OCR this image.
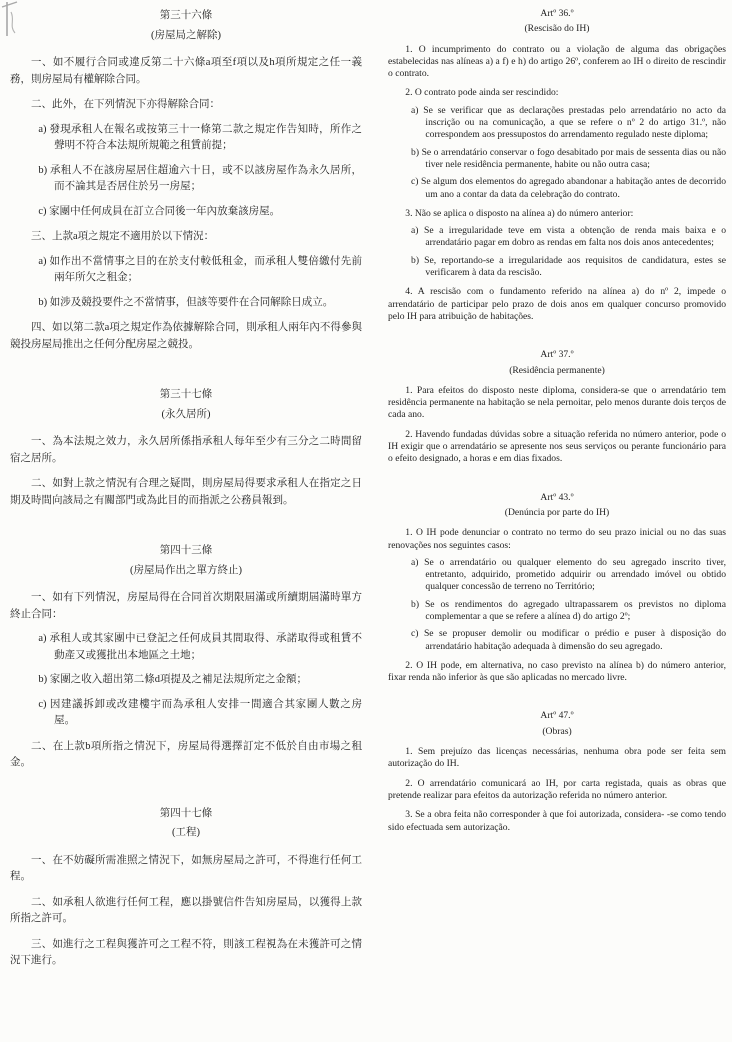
第三十六條
(房屋局之解除)

一、如不履行合同或違反第二十六條a項至f項以及h項所規定之任一義務，則房屋局有權解除合同。

二、此外，在下列情況下亦得解除合同：

a) 發現承租人在報名或按第三十一條第二款之規定作告知時，所作之聲明不符合本法規所規範之租賃前提；

b) 承租人不在該房屋居住超逾六十日，或不以該房屋作為永久居所，而不論其是否居住於另一房屋；

c) 家團中任何成員在訂立合同後一年內放棄該房屋。

三、上款a項之規定不適用於以下情況：

a) 如作出不當情事之目的在於支付較低租金，而承租人雙倍繳付先前兩年所欠之租金；

b) 如涉及競投要件之不當情事，但該等要件在合同解除日成立。

四、如以第二款a項之規定作為依據解除合同，則承租人兩年內不得參與競投房屋局推出之任何分配房屋之競投。

第三十七條
(永久居所)

一、為本法規之效力，永久居所係指承租人每年至少有三分之二時間留宿之居所。

二、如對上款之情況有合理之疑問，則房屋局得要求承租人在指定之日期及時間向該局之有關部門或為此目的而指派之公務員報到。

第四十三條
(房屋局作出之單方終止)

一、如有下列情況，房屋局得在合同首次期限屆滿或所續期屆滿時單方終止合同：

a) 承租人或其家團中已登記之任何成員其間取得、承諾取得或租賃不動產又或獲批出本地區之土地；

b) 家團之收入超出第二條d項提及之補足法規所定之金額；

c) 因建議拆卸或改建樓宇而為承租人安排一間適合其家團人數之房屋。

二、在上款b項所指之情況下，房屋局得選擇訂定不低於自由市場之租金。

第四十七條
(工程)

一、在不妨礙所需准照之情況下，如無房屋局之許可，不得進行任何工程。

二、如承租人欲進行任何工程，應以掛號信件告知房屋局，以獲得上款所指之許可。

三、如進行之工程與獲許可之工程不符，則該工程視為在未獲許可之情況下進行。

Artº 36.º
(Rescisão do IH)

1. O incumprimento do contrato ou a violação de alguma das obrigações estabelecidas nas alíneas a) a f) e h) do artigo 26º, conferem ao IH o direito de rescindir o contrato.

2. O contrato pode ainda ser rescindido:

a) Se se verificar que as declarações prestadas pelo arrendatário no acto da inscrição ou na comunicação, a que se refere o nº 2 do artigo 31.º, não correspondem aos pressupostos do arrendamento regulado neste diploma;

b) Se o arrendatário conservar o fogo desabitado por mais de sessenta dias ou não tiver nele residência permanente, habite ou não outra casa;

c) Se algum dos elementos do agregado abandonar a habitação antes de decorrido um ano a contar da data da celebração do contrato.

3. Não se aplica o disposto na alínea a) do número anterior:

a) Se a irregularidade teve em vista a obtenção de renda mais baixa e o arrendatário pagar em dobro as rendas em falta nos dois anos antecedentes;

b) Se, reportando-se a irregularidade aos requisitos de candidatura, estes se verificarem à data da rescisão.

4. A rescisão com o fundamento referido na alínea a) do nº 2, impede o arrendatário de participar pelo prazo de dois anos em qualquer concurso promovido pelo IH para atribuição de habitações.

Artº 37.º
(Residência permanente)

1. Para efeitos do disposto neste diploma, considera-se que o arrendatário tem residência permanente na habitação se nela pernoitar, pelo menos durante dois terços de cada ano.

2. Havendo fundadas dúvidas sobre a situação referida no número anterior, pode o IH exigir que o arrendatário se apresente nos seus serviços ou perante funcionário para o efeito designado, a horas e em dias fixados.

Artº 43.º
(Denúncia por parte do IH)

1. O IH pode denunciar o contrato no termo do seu prazo inicial ou no das suas renovações nos seguintes casos:

a) Se o arrendatário ou qualquer elemento do seu agregado inscrito tiver, entretanto, adquirido, prometido adquirir ou arrendado imóvel ou obtido qualquer concessão de terreno no Território;

b) Se os rendimentos do agregado ultrapassarem os previstos no diploma complementar a que se refere a alínea d) do artigo 2º;

c) Se se propuser demolir ou modificar o prédio e puser à disposição do arrendatário habitação adequada à dimensão do seu agregado.

2. O IH pode, em alternativa, no caso previsto na alínea b) do número anterior, fixar renda não inferior às que são aplicadas no mercado livre.

Artº 47.º
(Obras)

1. Sem prejuízo das licenças necessárias, nenhuma obra pode ser feita sem autorização do IH.

2. O arrendatário comunicará ao IH, por carta registada, quais as obras que pretende realizar para efeitos da autorização referida no número anterior.

3. Se a obra feita não corresponder à que foi autorizada, considera- -se como tendo sido efectuada sem autorização.
